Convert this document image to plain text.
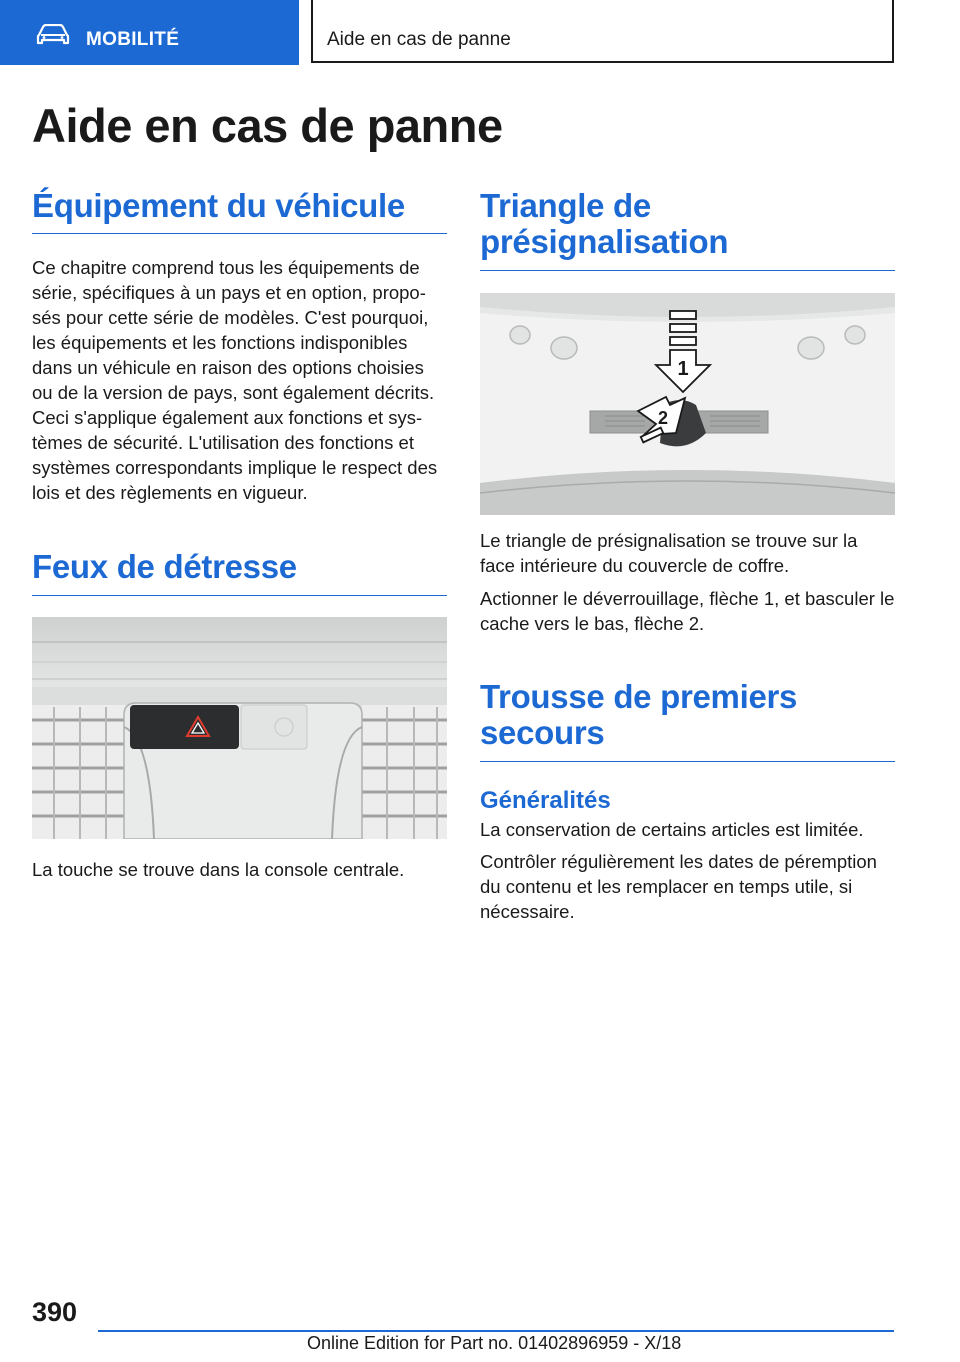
MOBILITÉ	Aide en cas de panne
Aide en cas de panne
Équipement du véhicule

Ce chapitre comprend tous les équipements de série, spécifiques à un pays et en option, propo-sés pour cette série de modèles. C'est pourquoi, les équipements et les fonctions indisponibles dans un véhicule en raison des options choisies ou de la version de pays, sont également décrits. Ceci s'applique également aux fonctions et sys-tèmes de sécurité. L'utilisation des fonctions et systèmes correspondants implique le respect des lois et des règlements en vigueur.

Feux de détresse

La touche se trouve dans la console centrale.

Triangle de présignalisation
1
2

Le triangle de présignalisation se trouve sur la face intérieure du couvercle de coffre.

Actionner le déverrouillage, flèche 1, et basculer le cache vers le bas, flèche 2.

Trousse de premiers secours
Généralités

La conservation de certains articles est limitée.

Contrôler régulièrement les dates de péremption du contenu et les remplacer en temps utile, si nécessaire.

390
Online Edition for Part no. 01402896959 - X/18
